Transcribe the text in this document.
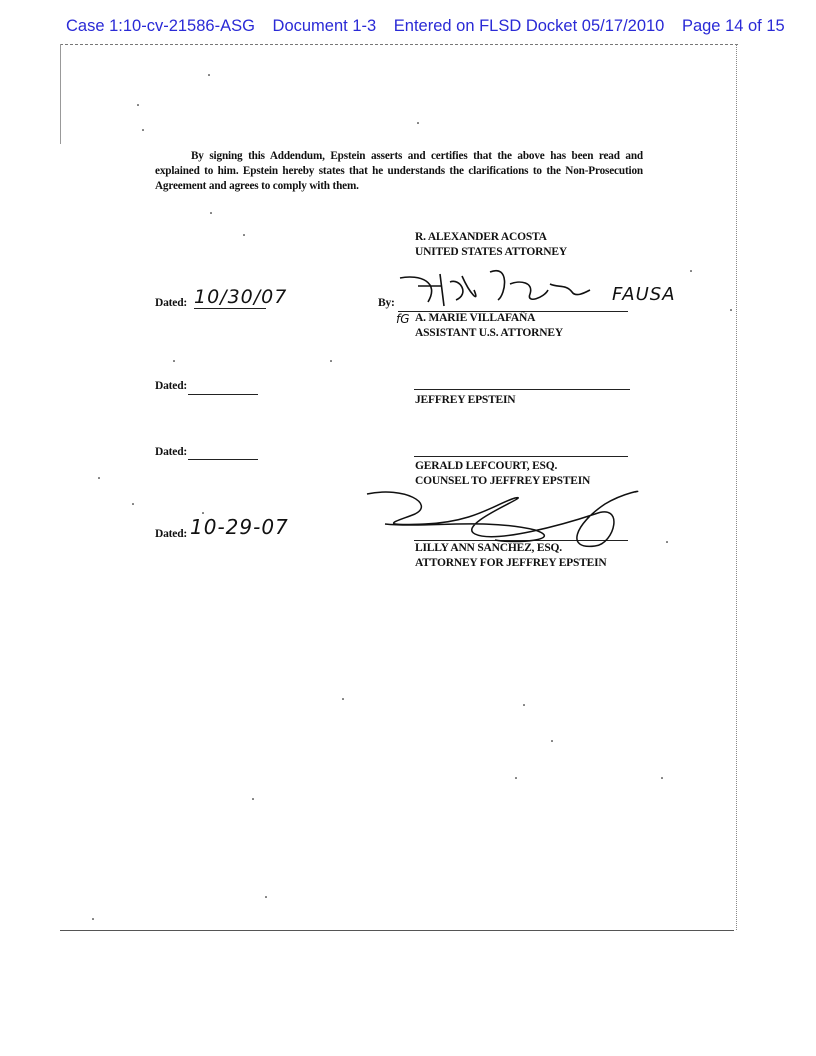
Case 1:10-cv-21586-ASG Document 1-3 Entered on FLSD Docket 05/17/2010 Page 14 of 15
By signing this Addendum, Epstein asserts and certifies that the above has been read and explained to him. Epstein hereby states that he understands the clarifications to the Non-Prosecution Agreement and agrees to comply with them.
R. ALEXANDER ACOSTA
UNITED STATES ATTORNEY
Dated: 10/30/07	By:	FAUSA
fG A. MARIE VILLAFAÑA
ASSISTANT U.S. ATTORNEY
Dated:
JEFFREY EPSTEIN
Dated:
GERALD LEFCOURT, ESQ.
COUNSEL TO JEFFREY EPSTEIN
Dated: 10-29-07
LILLY ANN SANCHEZ, ESQ.
ATTORNEY FOR JEFFREY EPSTEIN
